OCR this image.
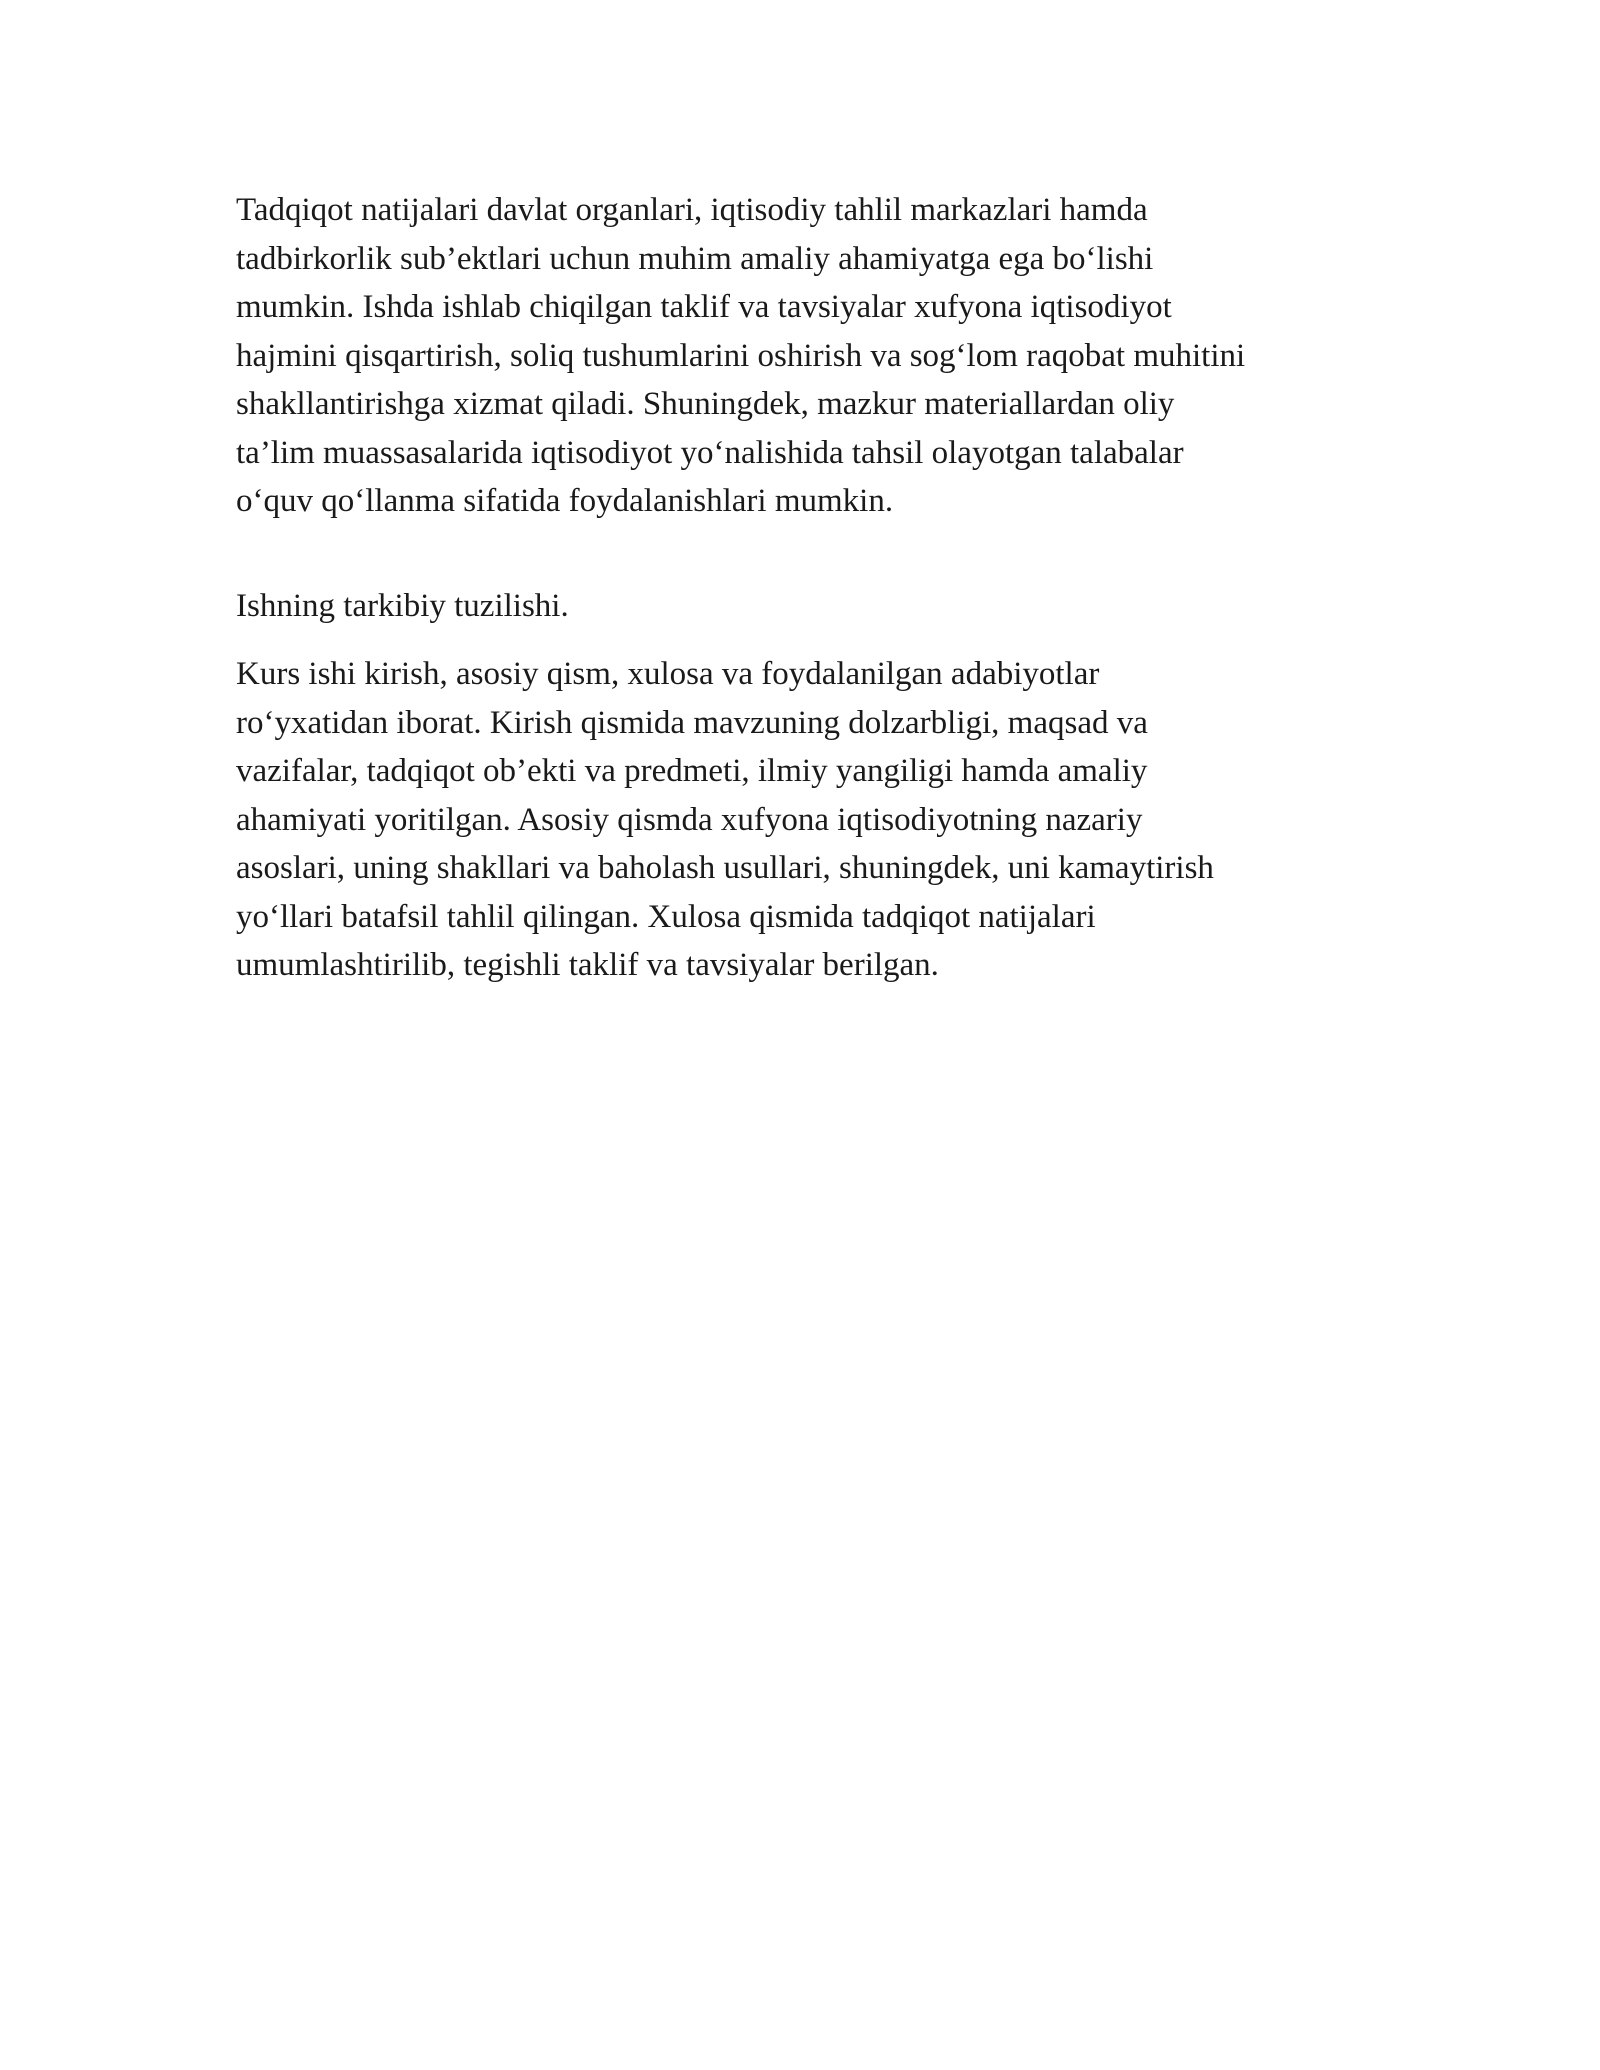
Tadqiqot natijalari davlat organlari, iqtisodiy tahlil markazlari hamda
tadbirkorlik sub’ektlari uchun muhim amaliy ahamiyatga ega bo‘lishi
mumkin. Ishda ishlab chiqilgan taklif va tavsiyalar xufyona iqtisodiyot
hajmini qisqartirish, soliq tushumlarini oshirish va sog‘lom raqobat muhitini
shakllantirishga xizmat qiladi. Shuningdek, mazkur materiallardan oliy
ta’lim muassasalarida iqtisodiyot yo‘nalishida tahsil olayotgan talabalar
o‘quv qo‘llanma sifatida foydalanishlari mumkin.
Ishning tarkibiy tuzilishi.
Kurs ishi kirish, asosiy qism, xulosa va foydalanilgan adabiyotlar
ro‘yxatidan iborat. Kirish qismida mavzuning dolzarbligi, maqsad va
vazifalar, tadqiqot ob’ekti va predmeti, ilmiy yangiligi hamda amaliy
ahamiyati yoritilgan. Asosiy qismda xufyona iqtisodiyotning nazariy
asoslari, uning shakllari va baholash usullari, shuningdek, uni kamaytirish
yo‘llari batafsil tahlil qilingan. Xulosa qismida tadqiqot natijalari
umumlashtirilib, tegishli taklif va tavsiyalar berilgan.
